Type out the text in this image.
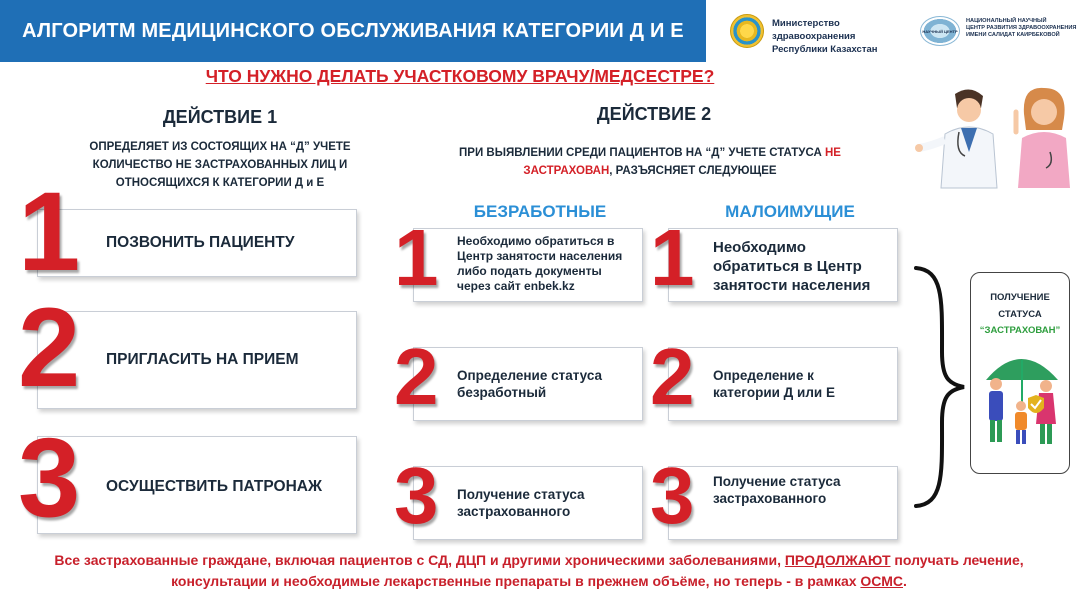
АЛГОРИТМ МЕДИЦИНСКОГО ОБСЛУЖИВАНИЯ КАТЕГОРИИ Д И Е	Министерство здравоохранения
Республики Казахстан
НАУЧНЫЙ ЦЕНТР
НАЦИОНАЛЬНЫЙ НАУЧНЫЙ
ЦЕНТР РАЗВИТИЯ ЗДРАВООХРАНЕНИЯ
ИМЕНИ САЛИДАТ КАИРБЕКОВОЙ
ЧТО НУЖНО ДЕЛАТЬ УЧАСТКОВОМУ ВРАЧУ/МЕДСЕСТРЕ?
ДЕЙСТВИЕ 1
ОПРЕДЕЛЯЕТ ИЗ СОСТОЯЩИХ НА “Д” УЧЕТЕ
КОЛИЧЕСТВО НЕ ЗАСТРАХОВАННЫХ ЛИЦ И
ОТНОСЯЩИХСЯ К КАТЕГОРИИ Д и Е
1 ПОЗВОНИТЬ ПАЦИЕНТУ
2 ПРИГЛАСИТЬ НА ПРИЕМ
3 ОСУЩЕСТВИТЬ ПАТРОНАЖ
ДЕЙСТВИЕ 2
ПРИ ВЫЯВЛЕНИИ СРЕДИ ПАЦИЕНТОВ НА “Д” УЧЕТЕ СТАТУСА НЕ
ЗАСТРАХОВАН, РАЗЪЯСНЯЕТ СЛЕДУЮЩЕЕ
БЕЗРАБОТНЫЕ
1 Необходимо обратиться в
Центр занятости населения
либо подать документы
через сайт enbek.kz
2 Определение статуса
безработный
3 Получение статуса
застрахованного
МАЛОИМУЩИЕ
1 Необходимо
обратиться в Центр
занятости населения
2 Определение к
категории Д или Е
3 Получение статуса
застрахованного
ПОЛУЧЕНИЕ
СТАТУСА
“ЗАСТРАХОВАН”
Все застрахованные граждане, включая пациентов с СД, ДЦП и другими хроническими заболеваниями, ПРОДОЛЖАЮТ получать лечение,
консультации и необходимые лекарственные препараты в прежнем объёме, но теперь - в рамках ОСМС.
